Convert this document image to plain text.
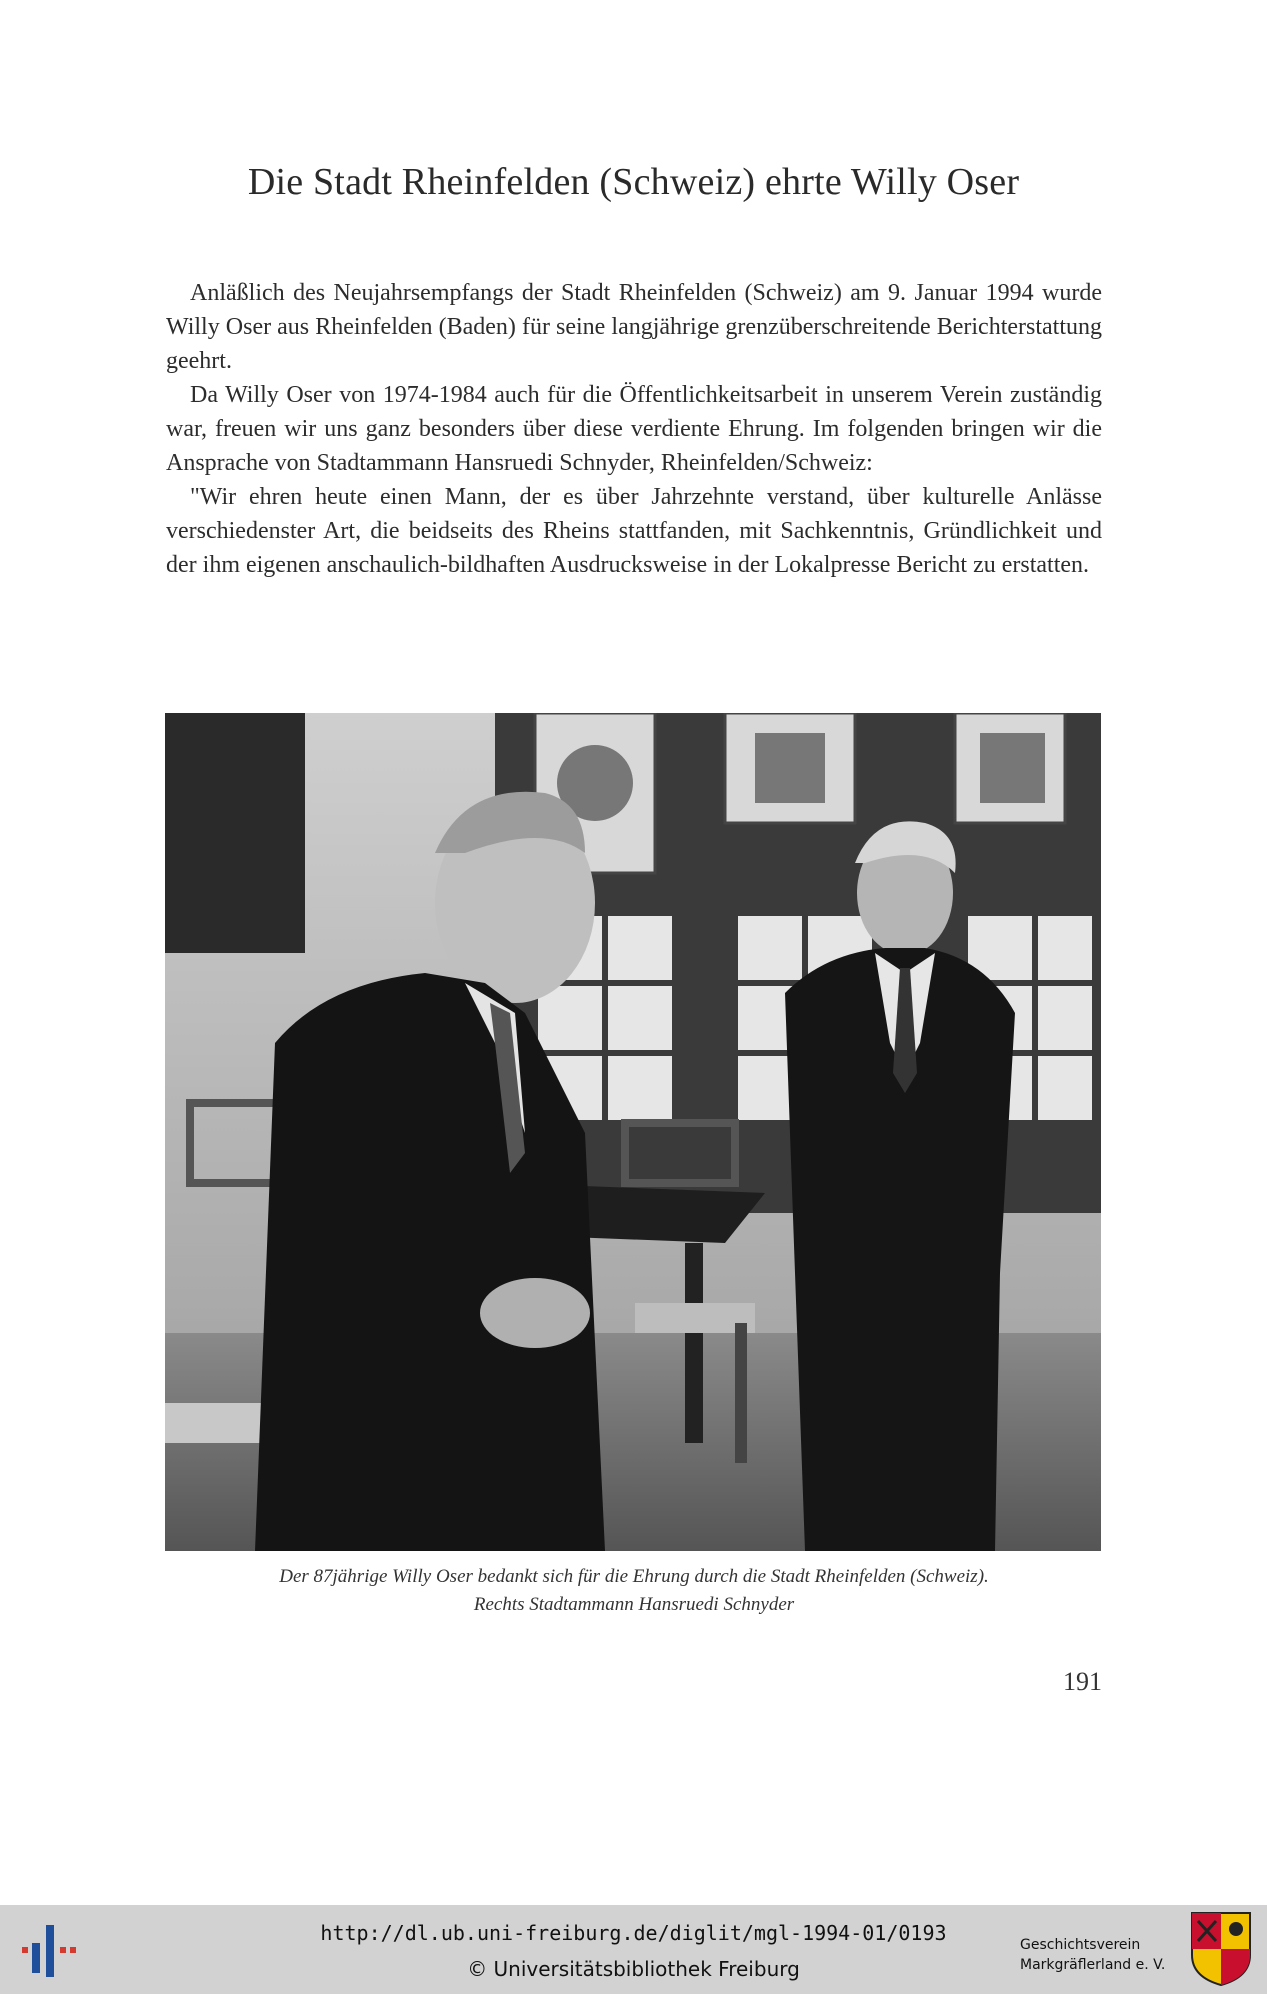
Die Stadt Rheinfelden (Schweiz) ehrte Willy Oser

Anläßlich des Neujahrsempfangs der Stadt Rheinfelden (Schweiz) am 9. Januar 1994 wurde Willy Oser aus Rheinfelden (Baden) für seine langjährige grenzüberschreitende Berichterstattung geehrt.

Da Willy Oser von 1974-1984 auch für die Öffentlichkeitsarbeit in unserem Verein zuständig war, freuen wir uns ganz besonders über diese verdiente Ehrung. Im folgenden bringen wir die Ansprache von Stadtammann Hansruedi Schnyder, Rheinfelden/Schweiz:

"Wir ehren heute einen Mann, der es über Jahrzehnte verstand, über kulturelle Anlässe verschiedenster Art, die beidseits des Rheins stattfanden, mit Sachkenntnis, Gründlichkeit und der ihm eigenen anschaulich-bildhaften Ausdrucksweise in der Lokalpresse Bericht zu erstatten.

Der 87jährige Willy Oser bedankt sich für die Ehrung durch die Stadt Rheinfelden (Schweiz).
Rechts Stadtammann Hansruedi Schnyder
191
http://dl.ub.uni-freiburg.de/diglit/mgl-1994-01/0193
© Universitätsbibliothek Freiburg
Geschichtsverein
Markgräflerland e. V.
